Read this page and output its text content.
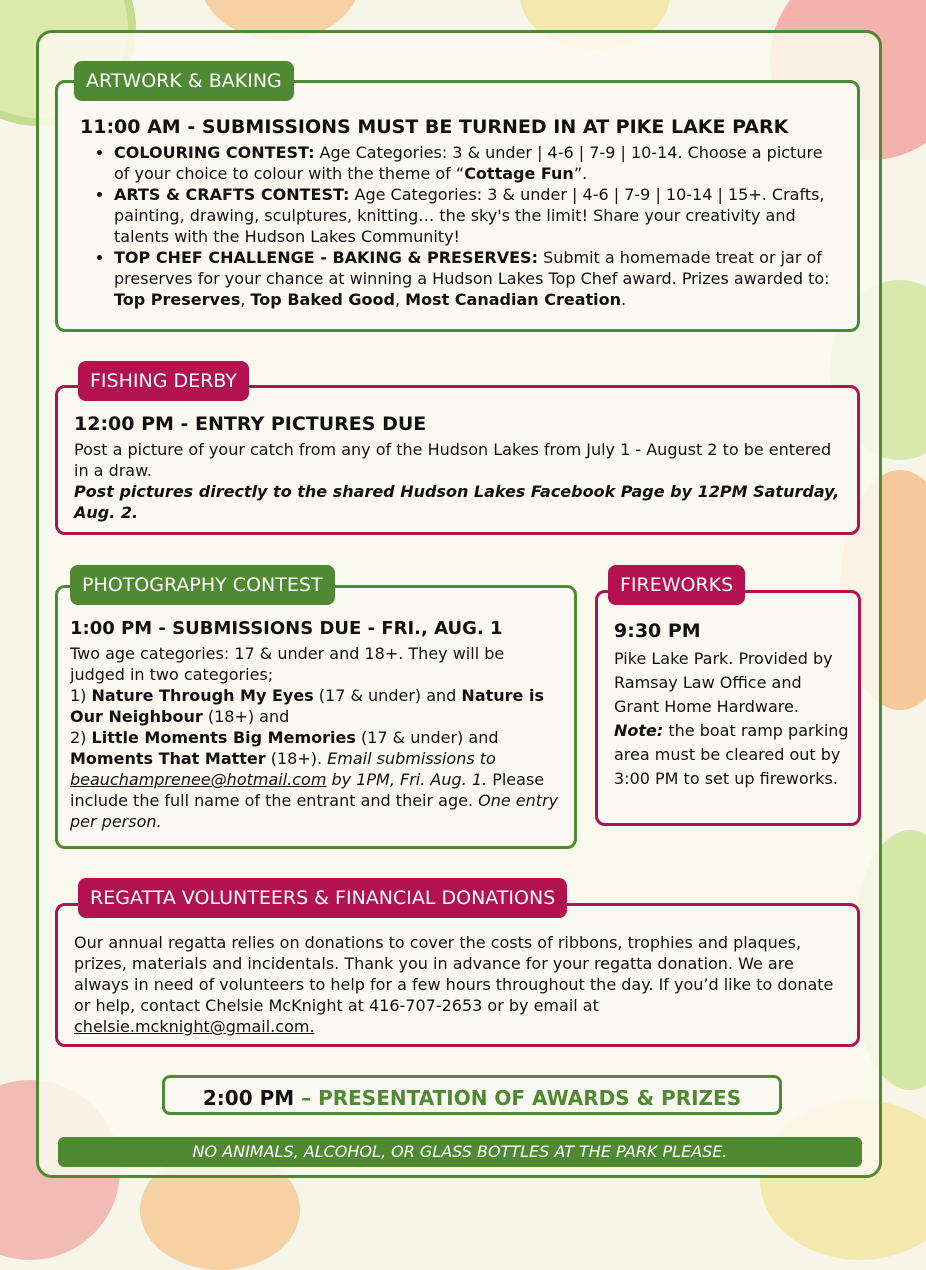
11:00 AM - SUBMISSIONS MUST BE TURNED IN AT PIKE LAKE PARK

• COLOURING CONTEST: Age Categories: 3 & under | 4-6 | 7-9 | 10-14. Choose a picture of your choice to colour with the theme of “Cottage Fun”.
• ARTS & CRAFTS CONTEST: Age Categories: 3 & under | 4-6 | 7-9 | 10-14 | 15+. Crafts, painting, drawing, sculptures, knitting… the sky's the limit! Share your creativity and talents with the Hudson Lakes Community!
• TOP CHEF CHALLENGE - BAKING & PRESERVES: Submit a homemade treat or jar of preserves for your chance at winning a Hudson Lakes Top Chef award. Prizes awarded to: Top Preserves, Top Baked Good, Most Canadian Creation.
ARTWORK & BAKING

12:00 PM - ENTRY PICTURES DUE

Post a picture of your catch from any of the Hudson Lakes from July 1 - August 2 to be entered in a draw.

Post pictures directly to the shared Hudson Lakes Facebook Page by 12PM Saturday, Aug. 2.

FISHING DERBY

1:00 PM - SUBMISSIONS DUE - FRI., AUG. 1

Two age categories: 17 & under and 18+. They will be judged in two categories;
1) Nature Through My Eyes (17 & under) and Nature is Our Neighbour (18+) and
2) Little Moments Big Memories (17 & under) and Moments That Matter (18+). Email submissions to beauchamprenee@hotmail.com by 1PM, Fri. Aug. 1. Please include the full name of the entrant and their age. One entry per person.

PHOTOGRAPHY CONTEST

9:30 PM

Pike Lake Park. Provided by Ramsay Law Office and Grant Home Hardware. Note: the boat ramp parking area must be cleared out by 3:00 PM to set up fireworks.

FIREWORKS

Our annual regatta relies on donations to cover the costs of ribbons, trophies and plaques, prizes, materials and incidentals. Thank you in advance for your regatta donation. We are always in need of volunteers to help for a few hours throughout the day. If you’d like to donate or help, contact Chelsie McKnight at 416-707-2653 or by email at chelsie.mcknight@gmail.com.

REGATTA VOLUNTEERS & FINANCIAL DONATIONS
2:00 PM – PRESENTATION OF AWARDS & PRIZES
NO ANIMALS, ALCOHOL, OR GLASS BOTTLES AT THE PARK PLEASE.
